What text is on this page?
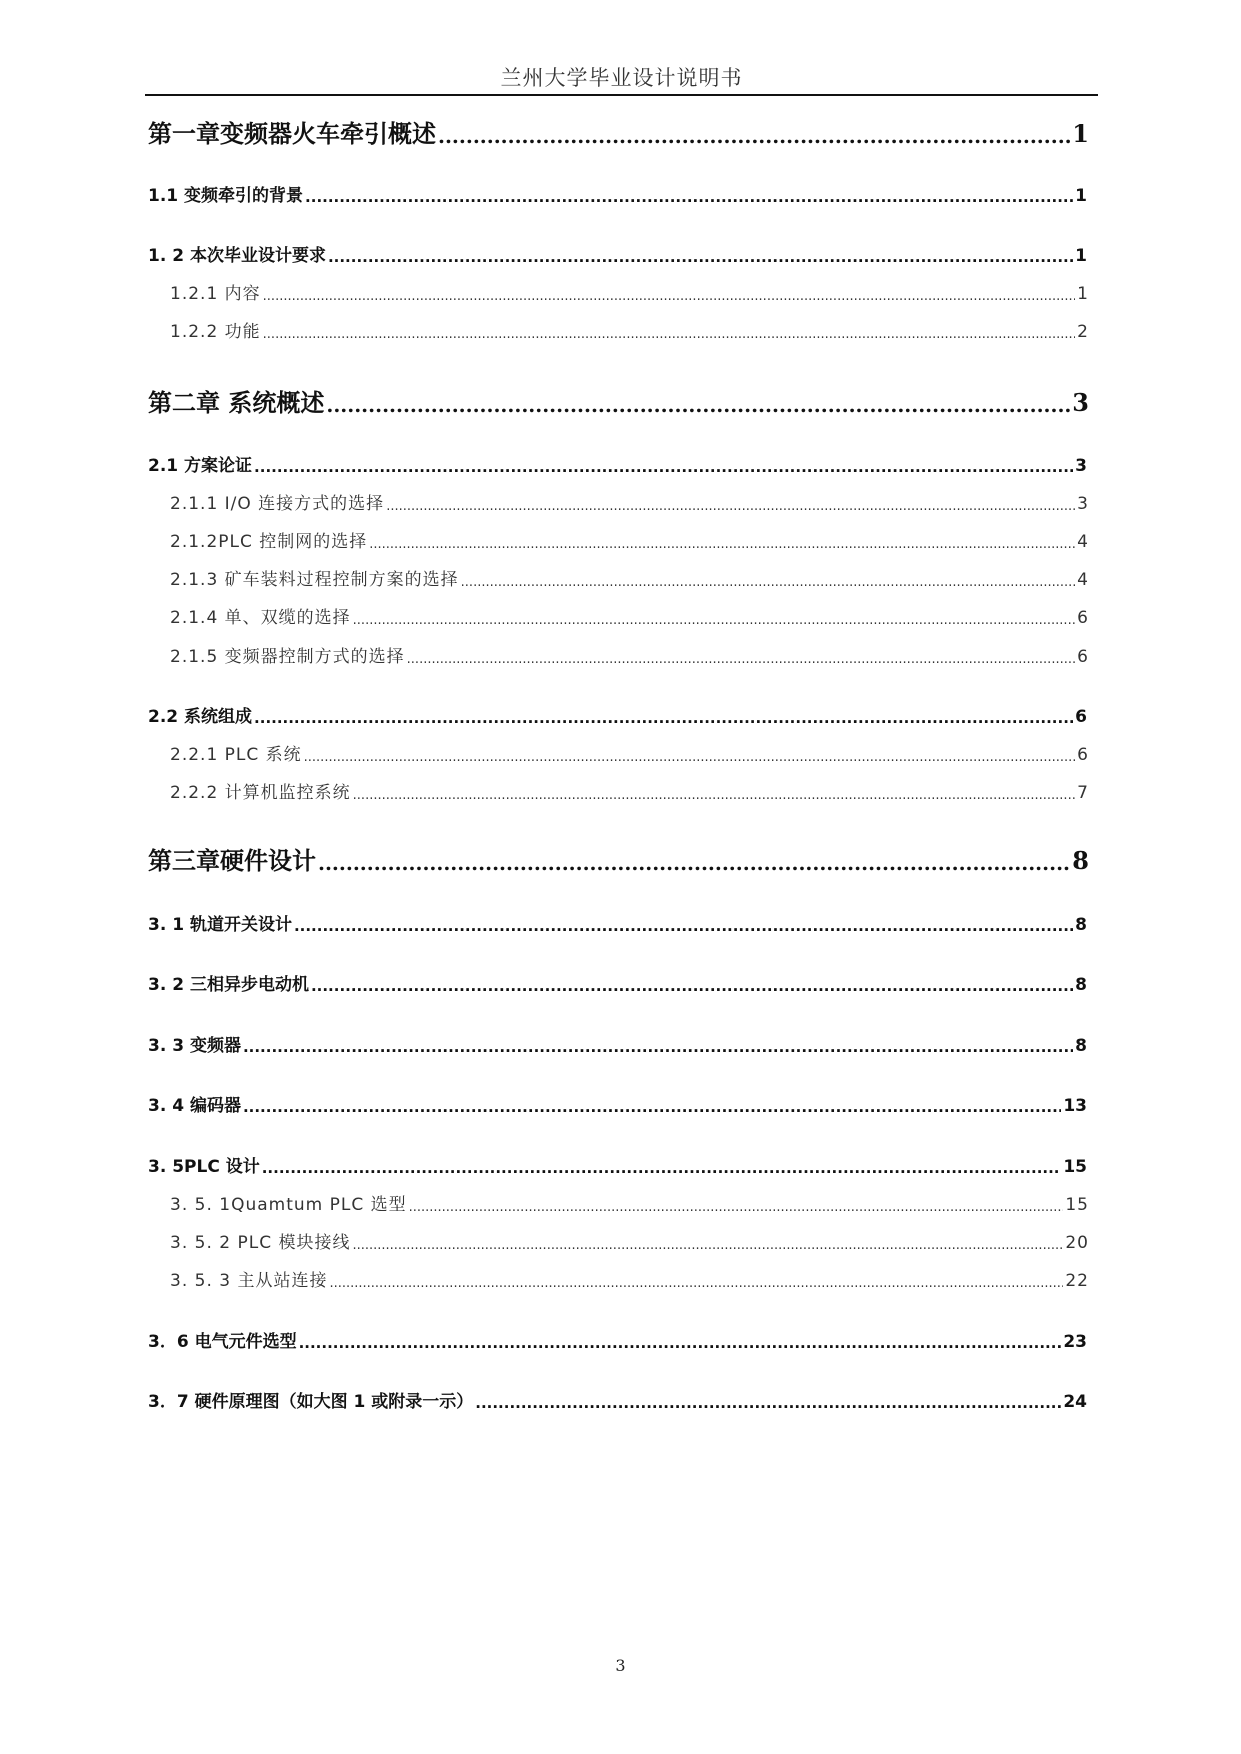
兰州大学毕业设计说明书
第一章变频器火车牵引概述 .....	1
1.1 变频牵引的背景 .....	1
1. 2 本次毕业设计要求 .....	1
1.2.1 内容 .....	1
1.2.2 功能 .....	2
第二章 系统概述 .....	3
2.1 方案论证 .....	3
2.1.1 I/O 连接方式的选择 .....	3
2.1.2PLC 控制网的选择 .....	4
2.1.3 矿车装料过程控制方案的选择 .....	4
2.1.4 单、双缆的选择 .....	6
2.1.5 变频器控制方式的选择 .....	6
2.2 系统组成 .....	6
2.2.1 PLC 系统 .....	6
2.2.2 计算机监控系统 .....	7
第三章硬件设计 .....	8
3. 1 轨道开关设计 .....	8
3. 2 三相异步电动机 .....	8
3. 3 变频器 .....	8
3. 4 编码器 .....	13
3. 5PLC 设计 .....	15
3. 5. 1Quamtum PLC 选型 .....	15
3. 5. 2 PLC 模块接线 .....	20
3. 5. 3 主从站连接 .....	22
3．6 电气元件选型 .....	23
3．7 硬件原理图（如大图 1 或附录一示） .....	24
3
